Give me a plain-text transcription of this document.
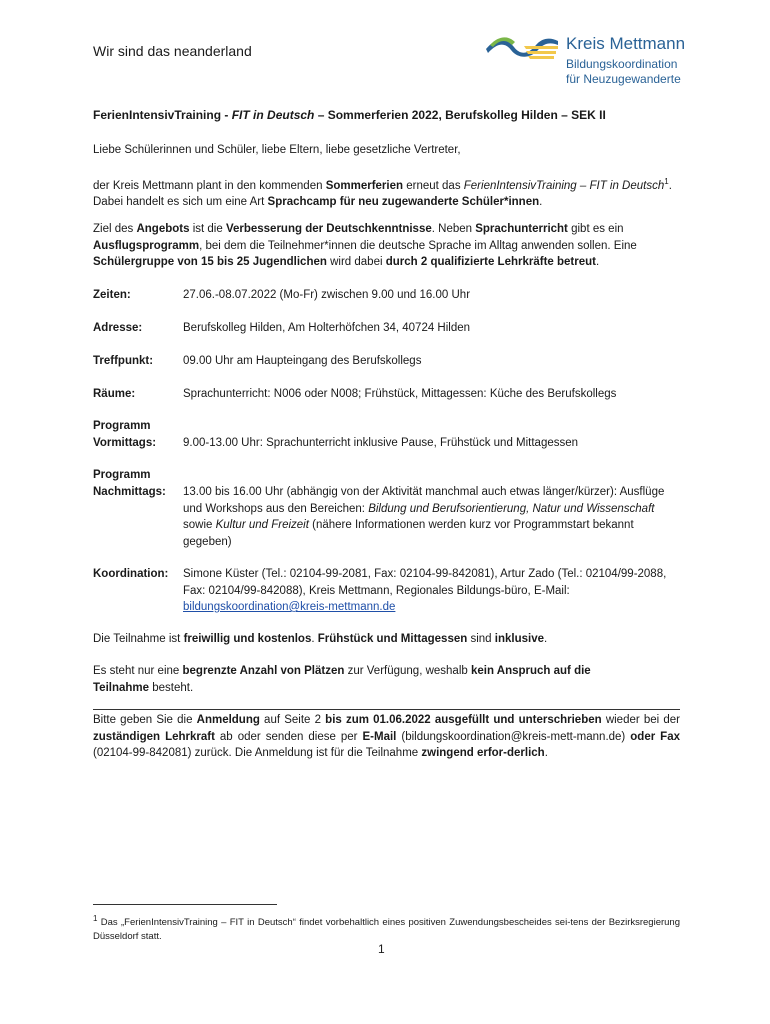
Wir sind das neanderland	Kreis Mettmann
Bildungskoordination
für Neuzugewanderte
FerienIntensivTraining - FIT in Deutsch – Sommerferien 2022, Berufskolleg Hilden – SEK II
Liebe Schülerinnen und Schüler, liebe Eltern, liebe gesetzliche Vertreter,
der Kreis Mettmann plant in den kommenden Sommerferien erneut das FerienIntensivTraining – FIT in Deutsch$^1$. Dabei handelt es sich um eine Art Sprachcamp für neu zugewanderte Schüler*innen.
Ziel des Angebots ist die Verbesserung der Deutschkenntnisse. Neben Sprachunterricht gibt es ein Ausflugsprogramm, bei dem die Teilnehmer*innen die deutsche Sprache im Alltag anwenden sollen. Eine Schülergruppe von 15 bis 25 Jugendlichen wird dabei durch 2 qualifizierte Lehrkräfte betreut.
Zeiten:	27.06.-08.07.2022 (Mo-Fr) zwischen 9.00 und 16.00 Uhr
Adresse:	Berufskolleg Hilden, Am Holterhöfchen 34, 40724 Hilden
Treffpunkt:	09.00 Uhr am Haupteingang des Berufskollegs
Räume:	Sprachunterricht: N006 oder N008; Frühstück, Mittagessen: Küche des Berufskollegs
Programm
Vormittags: 9.00-13.00 Uhr: Sprachunterricht inklusive Pause, Frühstück und Mittagessen
Programm
Nachmittags: 13.00 bis 16.00 Uhr (abhängig von der Aktivität manchmal auch etwas länger/kürzer): Ausflüge und Workshops aus den Bereichen: Bildung und Berufsorientierung, Natur und Wissenschaft sowie Kultur und Freizeit (nähere Informationen werden kurz vor Programmstart bekannt gegeben)
Koordination: Simone Küster (Tel.: 02104-99-2081, Fax: 02104-99-842081), Artur Zado (Tel.: 02104/99-2088, Fax: 02104/99-842088), Kreis Mettmann, Regionales Bildungs-büro, E-Mail: bildungskoordination@kreis-mettmann.de
Die Teilnahme ist freiwillig und kostenlos. Frühstück und Mittagessen sind inklusive.
Es steht nur eine begrenzte Anzahl von Plätzen zur Verfügung, weshalb kein Anspruch auf die Teilnahme besteht.
Bitte geben Sie die Anmeldung auf Seite 2 bis zum 01.06.2022 ausgefüllt und unterschrieben wieder bei der zuständigen Lehrkraft ab oder senden diese per E-Mail (bildungskoordination@kreis-mett-mann.de) oder Fax (02104-99-842081) zurück. Die Anmeldung ist für die Teilnahme zwingend erfor-derlich.
$^1$ Das „FerienIntensivTraining – FIT in Deutsch“ findet vorbehaltlich eines positiven Zuwendungsbescheides sei-tens der Bezirksregierung Düsseldorf statt.
1
